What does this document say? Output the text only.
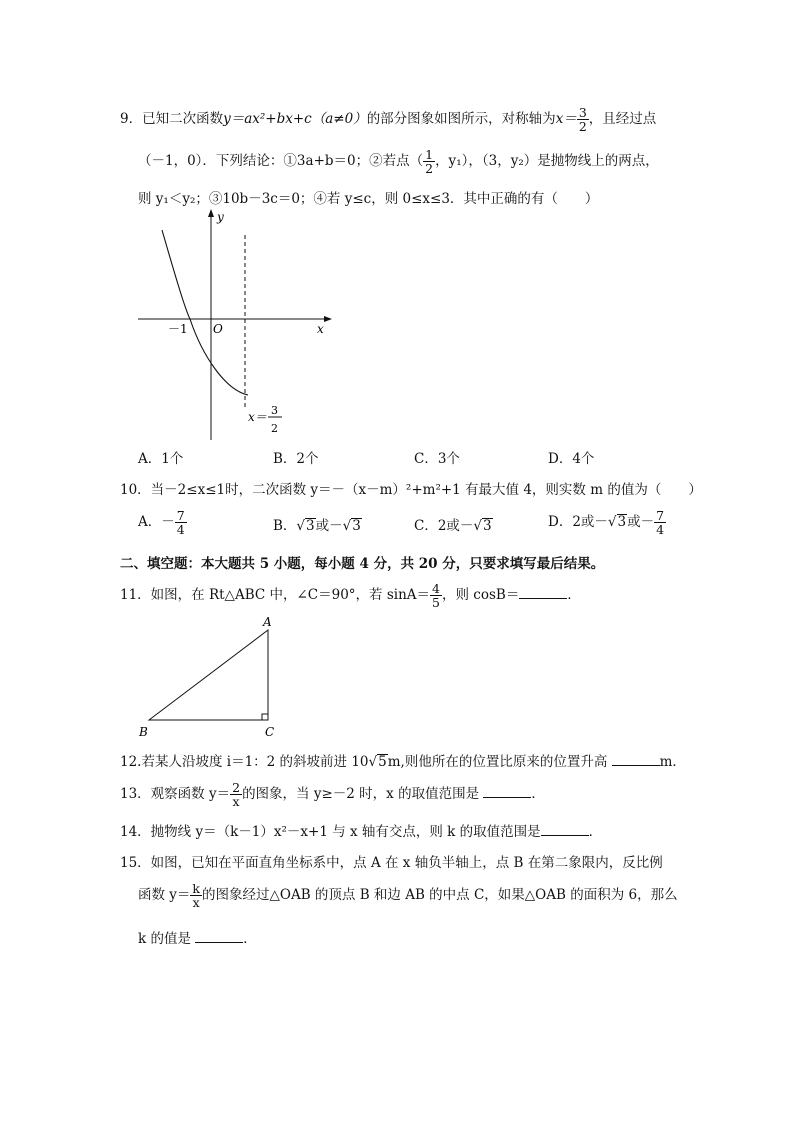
9．已知二次函数y＝ax²+bx+c（a≠0）的部分图象如图所示，对称轴为$x= \frac{3}{2}$ ，且经过点
（－1，0）．下列结论：①3a+b＝0；②若点（ $\frac{1}{2}$ ，y₁），（3，y₂）是抛物线上的两点，
则 y₁＜y₂；③10b－3c＝0；④若 y≤c，则 0≤x≤3．其中正确的有（　　）
y
x
O
－1
x＝ 3
2
A．1个	B．2个	C．3个	D．4个
10．当－2≤x≤1时，二次函数 y＝－（x－m）²+m²+1 有最大值 4，则实数 m 的值为（　　）
A．－ $\frac{7}{4}$	B．√3或－√3	C．2或－√3	D．2或－√3或－ $\frac{7}{4}$
二、填空题：本大题共 5 小题，每小题 4 分，共 20 分，只要求填写最后结果。
11．如图，在 Rt△ABC 中，∠C＝90°，若 $\sin A= \frac{4}{5}$ ，则 cosB＝	．
A
B	C
12.若某人沿坡度 i＝1：2 的斜坡前进 10√5m,则他所在的位置比原来的位置升高	m．
13．观察函数 $y= \frac{2}{x}$ 的图象，当 y≥－2 时，x 的取值范围是	．
14．抛物线 y＝（k－1）x²－x+1 与 x 轴有交点，则 k 的取值范围是	．
15．如图，已知在平面直角坐标系中，点 A 在 x 轴负半轴上，点 B 在第二象限内，反比例
函数 $y= \frac{k}{x}$ 的图象经过△OAB 的顶点 B 和边 AB 的中点 C，如果△OAB 的面积为 6，那么
k 的值是	．
